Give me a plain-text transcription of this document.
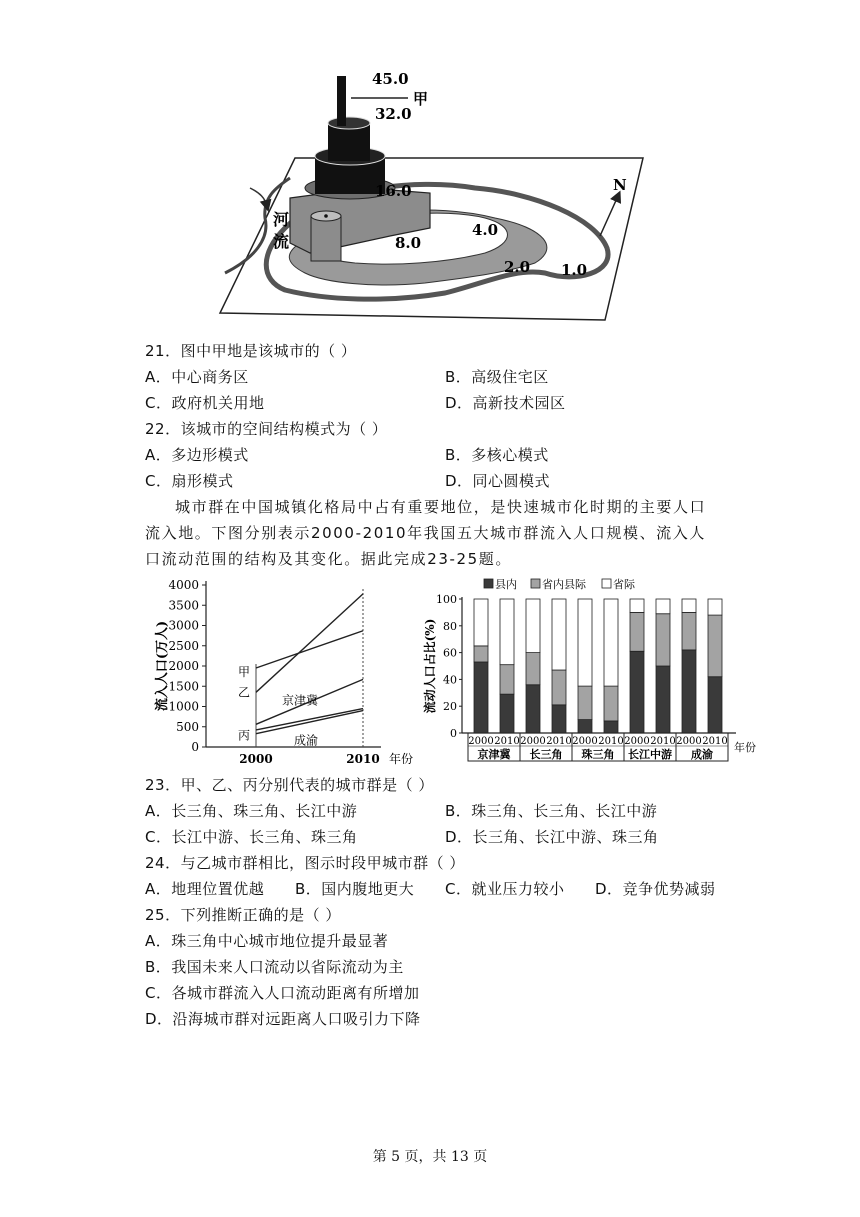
45.0
甲
32.0
16.0
8.0
4.0
2.0 1.0
河
流
N
21．图中甲地是该城市的（ ）
A．中心商务区	B．高级住宅区
C．政府机关用地	D．高新技术园区
22．该城市的空间结构模式为（ ）
A．多边形模式	B．多核心模式
C．扇形模式	D．同心圆模式
城市群在中国城镇化格局中占有重要地位，是快速城市化时期的主要人口流入地。下图分别表示2000-2010年我国五大城市群流入人口规模、流入人口流动范围的结构及其变化。据此完成23-25题。
0
500
1000
1500
2000
2500
3000
3500
4000
2000	2010 年份
流入人口(万人)	甲
乙
京津冀
丙	成渝
县内 省内县际 省际
0
20
40
60
80
100
流动人口占比(%)
2000 2010 2000 2010 2000 2010 2000 2010 2000 2010
京津冀 长三角 珠三角 长江中游 成渝
年份
23．甲、乙、丙分别代表的城市群是（ ）
A．长三角、珠三角、长江中游	B．珠三角、长三角、长江中游
C．长江中游、长三角、珠三角	D．长三角、长江中游、珠三角
24．与乙城市群相比，图示时段甲城市群（ ）
A．地理位置优越 B．国内腹地更大 C．就业压力较小 D．竞争优势减弱
25．下列推断正确的是（ ）
A．珠三角中心城市地位提升最显著
B．我国未来人口流动以省际流动为主
C．各城市群流入人口流动距离有所增加
D．沿海城市群对远距离人口吸引力下降
第 5 页，共 13 页
